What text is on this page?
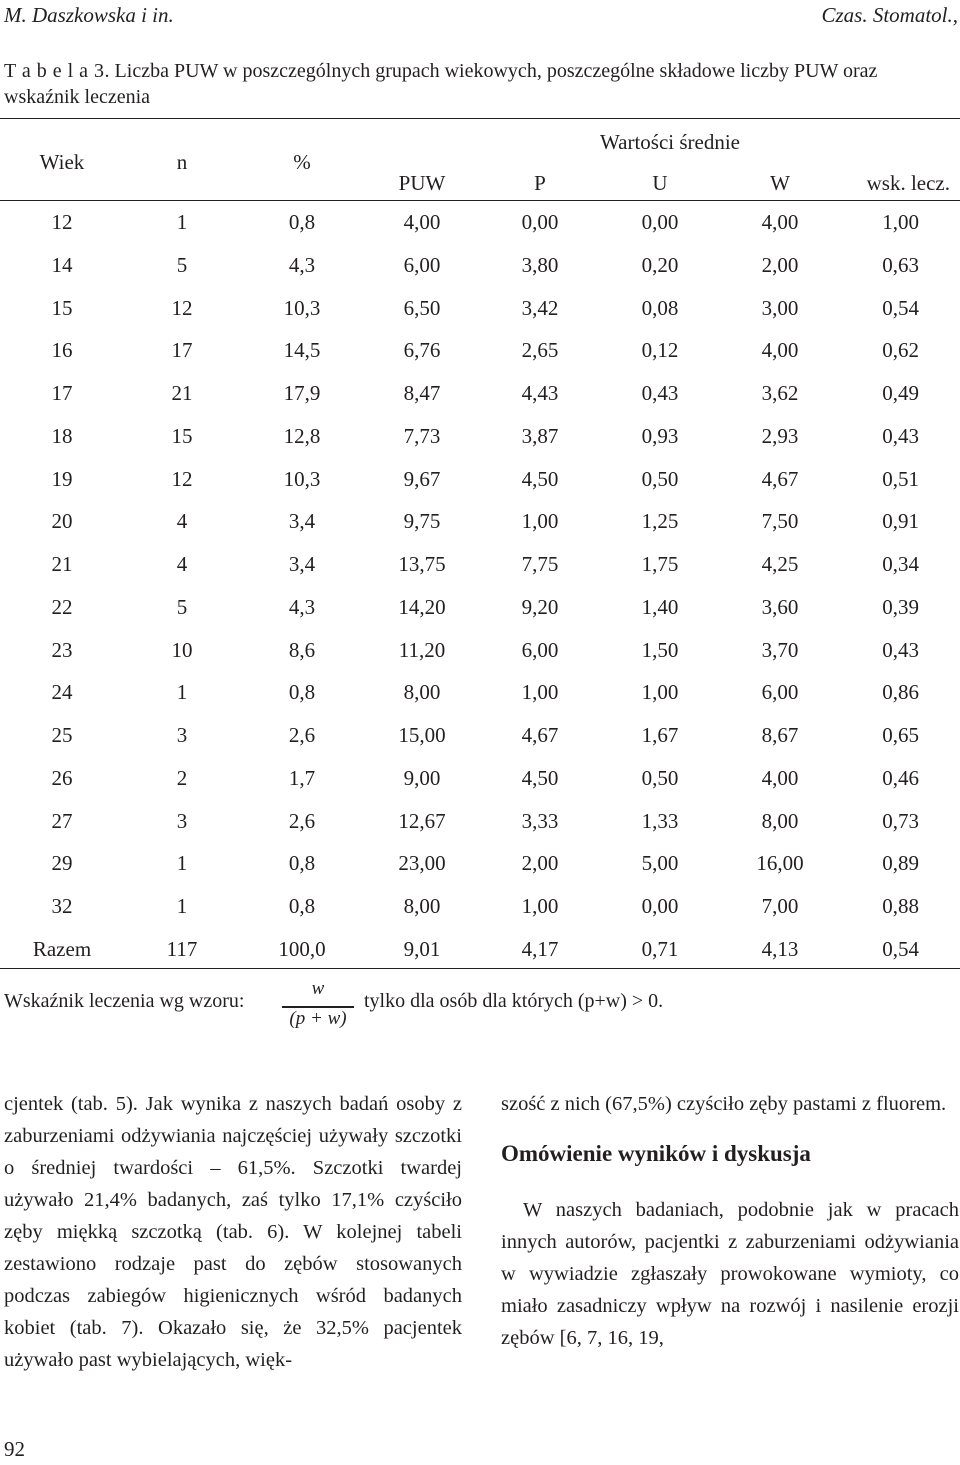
M. Daszkowska i in.	Czas. Stomatol.,
T a b e l a 3. Liczba PUW w poszczególnych grupach wiekowych, poszczególne składowe liczby PUW oraz wskaźnik leczenia
Wiek	n	%
Wartości średnie
PUW	P	U	W	wsk. lecz.
12	1	0,8	4,00	0,00	0,00	4,00	1,00
14	5	4,3	6,00	3,80	0,20	2,00	0,63
15	12	10,3	6,50	3,42	0,08	3,00	0,54
16	17	14,5	6,76	2,65	0,12	4,00	0,62
17	21	17,9	8,47	4,43	0,43	3,62	0,49
18	15	12,8	7,73	3,87	0,93	2,93	0,43
19	12	10,3	9,67	4,50	0,50	4,67	0,51
20	4	3,4	9,75	1,00	1,25	7,50	0,91
21	4	3,4	13,75	7,75	1,75	4,25	0,34
22	5	4,3	14,20	9,20	1,40	3,60	0,39
23	10	8,6	11,20	6,00	1,50	3,70	0,43
24	1	0,8	8,00	1,00	1,00	6,00	0,86
25	3	2,6	15,00	4,67	1,67	8,67	0,65
26	2	1,7	9,00	4,50	0,50	4,00	0,46
27	3	2,6	12,67	3,33	1,33	8,00	0,73
29	1	0,8	23,00	2,00	5,00	16,00	0,89
32	1	0,8	8,00	1,00	0,00	7,00	0,88
Razem	117	100,0	9,01	4,17	0,71	4,13	0,54
Wskaźnik leczenia wg wzoru:
w
(p + w)
tylko dla osób dla których (p+w) > 0.

cjentek (tab. 5). Jak wynika z naszych badań osoby z zaburzeniami odżywiania najczęściej używały szczotki o średniej twardości – 61,5%. Szczotki twardej używało 21,4% badanych, zaś tylko 17,1% czyściło zęby miękką szczotką (tab. 6). W kolejnej tabeli zestawiono rodzaje past do zębów stosowanych podczas zabiegów higienicznych wśród badanych kobiet (tab. 7). Okazało się, że 32,5% pacjentek używało past wybielających, więk-

szość z nich (67,5%) czyściło zęby pastami z fluorem.

Omówienie wyników i dyskusja

W naszych badaniach, podobnie jak w pracach innych autorów, pacjentki z zaburzeniami odżywiania w wywiadzie zgłaszały prowokowane wymioty, co miało zasadniczy wpływ na rozwój i nasilenie erozji zębów [6, 7, 16, 19,

92
